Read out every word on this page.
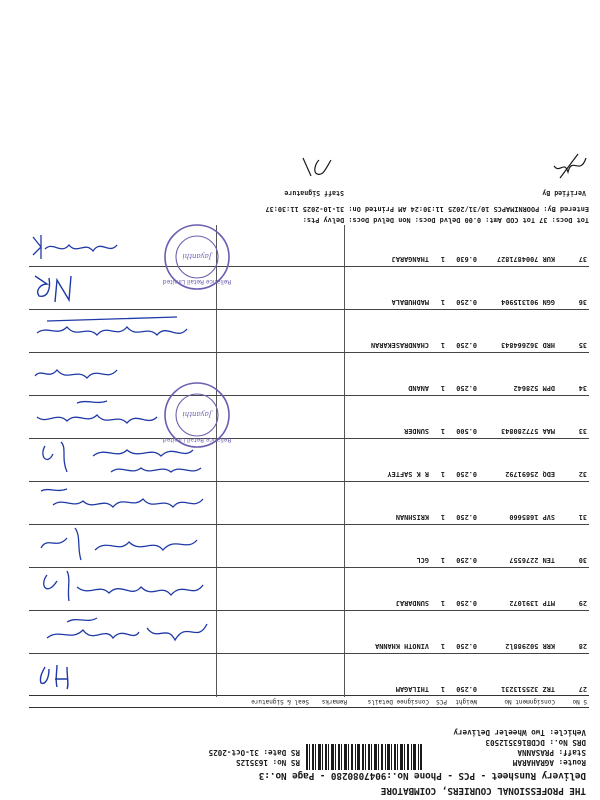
THE PROFESSIONAL COURIERS, COIMBATORE
Delivery Runsheet - PCS - Phone No.:9047080280 - Page No.:3
Route: AGRAHARAM
Staff: PRASANNA
DRS No.: DCDB16351250З
Vehicle: Two Wheeler Delivery
RS No: 163512S
RS Date: 31-Oct-2025
S No
Consignment No
Weight
PCS
Consignee Details
Remarks
Seal & Signature
27
TRZ 325513231
0.250
1
THILAGAM
28
KRR 502988l2
0.250
1
VINOTH KHANNA
29
MTP 1391072
0.250
1
SUNDARAJ
30
TEN 2276557
0.250
1
GCL
31
SVP 1685660
0.250
1
KRISHNAN
32
EDQ 25691792
0.250
1
R K SAFTEY
33
MAA 577280843
0.500
1
SUNDER
34
DPM 528642
0.250
1
ANAND
35
HRD 362664843
0.250
1
CHANDRASEKARAN
36
GGN 901315904
0.250
1
MADHUBALA
37
KUR 7004871827
0.630
1
THANGARAJ
Reliance Retail Limited
Jayanthi
Reliance Retail Limited
Jayanthi
Tot Docs: 37 Tot COD Amt: 0.00 Delvd Docs: Non Delvd Docs: Delvy Pts:
Entered By: POORNIMAPCS 10/31/2025 11:30:24 AM Printed On: 31-10-2025 11:30:37
Verified By
Staff Signature
